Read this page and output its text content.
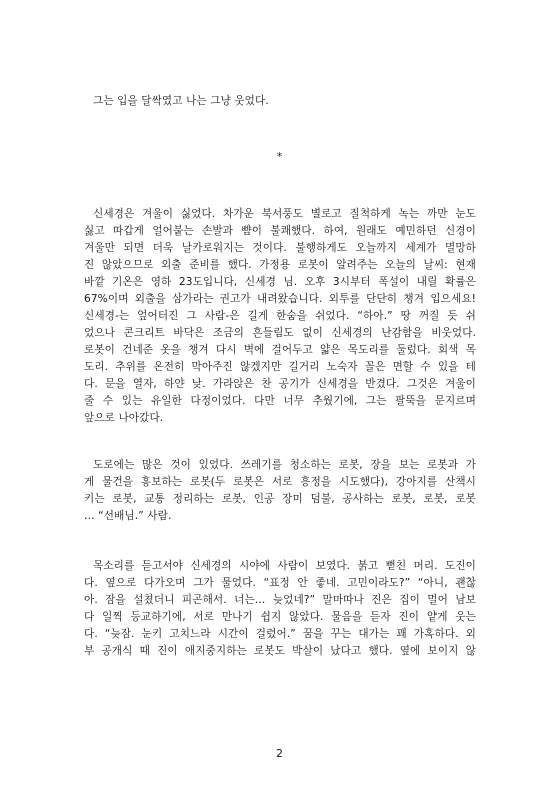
그는 입을 달싹였고 나는 그냥 웃었다.
*
신세경은 겨울이 싫었다. 차가운 북서풍도 별로고 질척하게 녹는 까만 눈도
싫고 따갑게 얼어붙는 손발과 뺨이 불쾌했다. 하여, 원래도 예민하던 신경이
겨울만 되면 더욱 날카로워지는 것이다. 불행하게도 오늘까지 세계가 멸망하
진 않았으므로 외출 준비를 했다. 가정용 로봇이 알려주는 오늘의 날씨: 현재
바깥 기온은 영하 23도입니다, 신세경 님. 오후 3시부터 폭설이 내릴 확률은
67%이며 외출을 삼가라는 권고가 내려왔습니다. 외투를 단단히 챙겨 입으세요!
신세경-는 엎어터진 그 사람-은 길게 한숨을 쉬었다. “하아.” 땅 꺼질 듯 쉬
었으나 콘크리트 바닥은 조금의 흔들림도 없이 신세경의 난감함을 비웃었다.
로봇이 건네준 옷을 챙겨 다시 벽에 걸어두고 얇은 목도리를 둘렀다. 회색 목
도리. 추위를 온전히 막아주진 않겠지만 길거리 노숙자 꼴은 면할 수 있을 테
다. 문을 열자, 하얀 낮. 가라앉은 찬 공기가 신세경을 반겼다. 그것은 겨울이
줄 수 있는 유일한 다정이었다. 다만 너무 추웠기에, 그는 팔뚝을 문지르며
앞으로 나아갔다.
도로에는 많은 것이 있었다. 쓰레기를 청소하는 로봇, 장을 보는 로봇과 가
게 물건을 홍보하는 로봇(두 로봇은 서로 흥정을 시도했다), 강아지를 산책시
키는 로봇, 교통 정리하는 로봇, 인공 장미 덤불, 공사하는 로봇, 로봇, 로봇
… “선배님.” 사람.
목소리를 듣고서야 신세경의 시야에 사람이 보였다. 붉고 뻗친 머리. 도진이
다. 옆으로 다가오며 그가 물었다. “표정 안 좋네. 고민이라도?” “아니, 괜찮
아. 잠을 설쳤더니 피곤해서. 너는… 늦었네?” 말마따나 진은 집이 멀어 남보
다 일찍 등교하기에, 서로 만나기 쉽지 않았다. 물음을 듣자 진이 얕게 웃는
다. “늦잠. 눈키 고치느라 시간이 걸렸어.” 꿈을 꾸는 대가는 꽤 가혹하다. 외
부 공개식 때 진이 애지중지하는 로봇도 박살이 났다고 했다. 옆에 보이지 않
2
